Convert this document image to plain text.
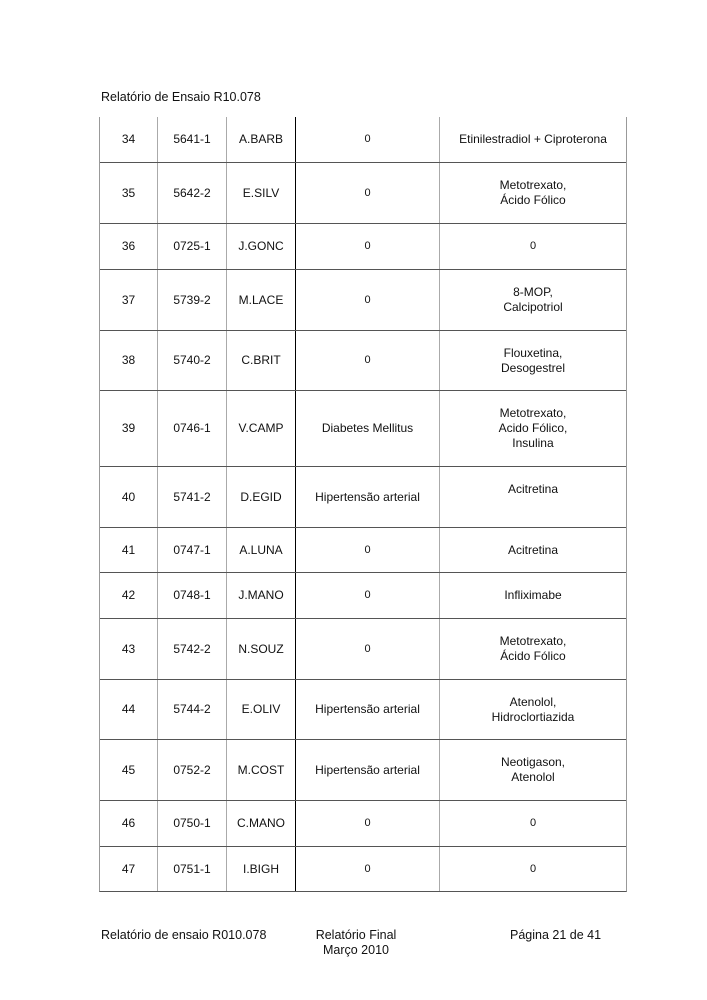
Relatório de Ensaio R10.078
34	5641-1	A.BARB	0	Etinilestradiol + Ciproterona
35	5642-2	E.SILV	0
Metotrexato,
Ácido Fólico
36	0725-1	J.GONC	0	0
37	5739-2	M.LACE	0
8-MOP,
Calcipotriol
38	5740-2	C.BRIT	0
Flouxetina,
Desogestrel
39	0746-1	V.CAMP	Diabetes Mellitus
Metotrexato,
Acido Fólico,
Insulina
40	5741-2	D.EGID	Hipertensão arterial
Acitretina
41	0747-1	A.LUNA	0	Acitretina
42	0748-1	J.MANO	0	Infliximabe
43	5742-2	N.SOUZ	0
Metotrexato,
Ácido Fólico
44	5744-2	E.OLIV	Hipertensão arterial
Atenolol,
Hidroclortiazida
45	0752-2	M.COST	Hipertensão arterial
Neotigason,
Atenolol
46	0750-1	C.MANO	0	0
47	0751-1	I.BIGH	0	0
Relatório de ensaio R010.078	Relatório Final
Março 2010
Página 21 de 41
